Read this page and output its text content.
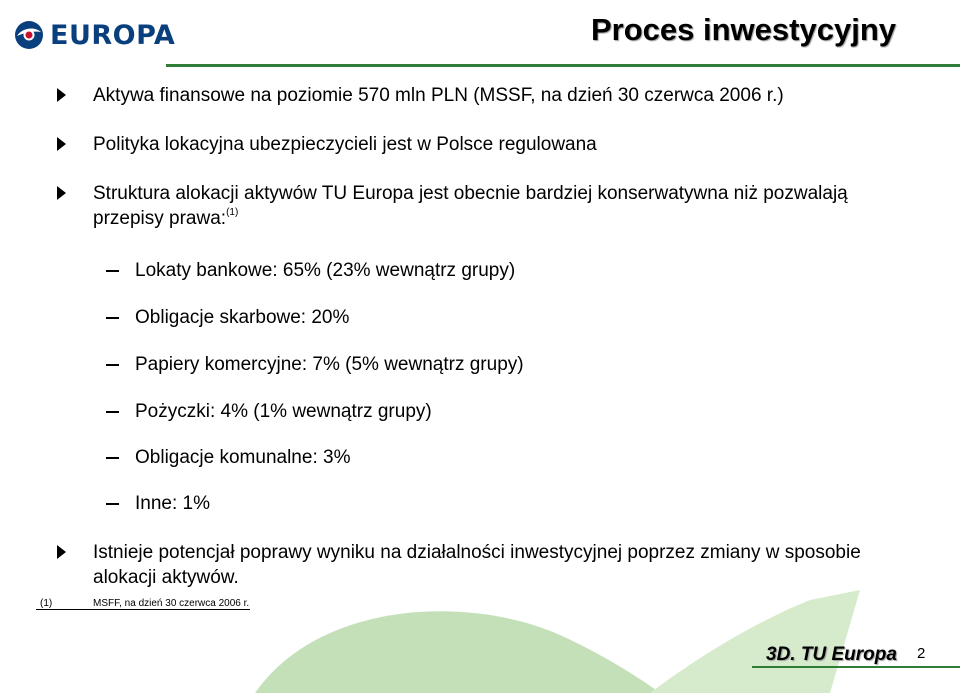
EUROPA	Proces inwestycyjny
Aktywa finansowe na poziomie 570 mln PLN (MSSF, na dzień 30 czerwca 2006 r.)
Polityka lokacyjna ubezpieczycieli jest w Polsce regulowana
Struktura alokacji aktywów TU Europa jest obecnie bardziej konserwatywna niż pozwalają przepisy prawa:$^{(1)}$
Lokaty bankowe: 65% (23% wewnątrz grupy)
Obligacje skarbowe: 20%
Papiery komercyjne: 7% (5% wewnątrz grupy)
Pożyczki: 4% (1% wewnątrz grupy)
Obligacje komunalne: 3%
Inne: 1%
Istnieje potencjał poprawy wyniku na działalności inwestycyjnej poprzez zmiany w sposobie alokacji aktywów.
(1)	MSFF, na dzień 30 czerwca 2006 r.
3D. TU Europa 2
